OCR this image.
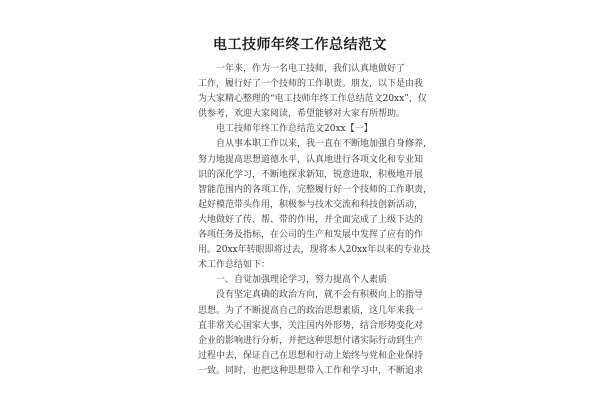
电工技师年终工作总结范文
一年来，作为一名电工技师，我们认真地做好了
工作，履行好了一个技师的工作职责。朋友，以下是由我
为大家精心整理的“电工技师年终工作总结范文20xx”，仅
供参考，欢迎大家阅读，希望能够对大家有所帮助。
电工技师年终工作总结范文20xx【一】
自从事本职工作以来，我一直在不断地加强自身修养，
努力地提高思想道德水平，认真地进行各项文化和专业知
识的深化学习，不断地探求新知，锐意进取，积极地开展
智能范围内的各项工作，完整履行好一个技师的工作职责，
起好模范带头作用，积极参与技术交流和科技创新活动，
大地做好了传、帮、带的作用，并全面完成了上级下达的
各项任务及指标，在公司的生产和发展中发挥了应有的作
用。20xx年转眼即将过去，现将本人20xx年以来的专业技
术工作总结如下：
一、自觉加强理论学习，努力提高个人素质
没有坚定真确的政治方向，就不会有积极向上的指导
思想。为了不断提高自己的政治思想素质，这几年来我一
直非常关心国家大事，关注国内外形势，结合形势变化对
企业的影响进行分析，并把这种思想付诸实际行动到生产
过程中去，保证自己在思想和行动上始终与党和企业保持
一致。同时，也把这种思想带入工作和学习中，不断追求
